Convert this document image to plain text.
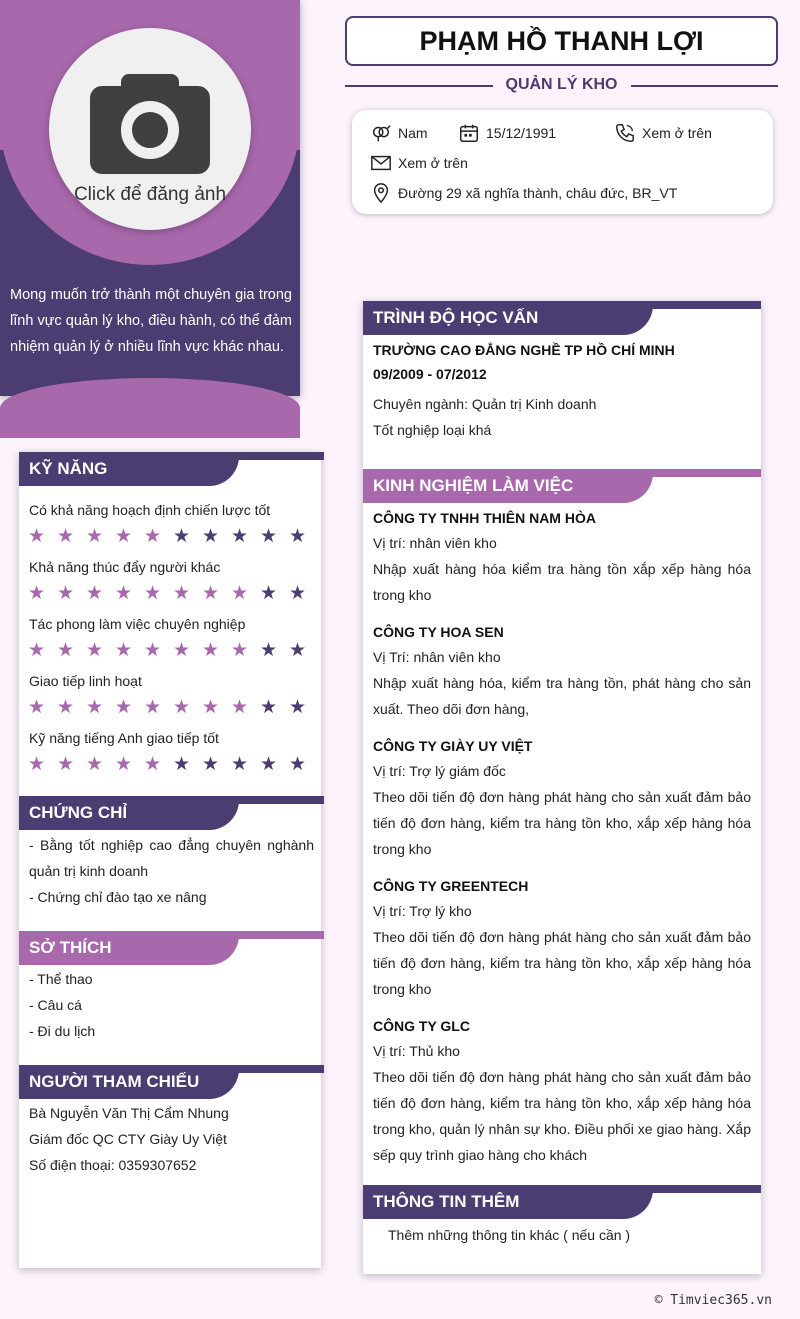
Click để đăng ảnh
Mong muốn trở thành một chuyên gia trong lĩnh vực quản lý kho, điều hành, có thể đảm nhiệm quản lý ở nhiều lĩnh vực khác nhau.
PHẠM HỒ THANH LỢI
QUẢN LÝ KHO
Nam	15/12/1991	Xem ở trên
Xem ở trên
Đường 29 xã nghĩa thành, châu đức, BR_VT
KỸ NĂNG
Có khả năng hoạch định chiến lược tốt
★ ★ ★ ★ ★ ★ ★ ★ ★ ★
Khả năng thúc đẩy người khác
★ ★ ★ ★ ★ ★ ★ ★ ★ ★
Tác phong làm việc chuyên nghiệp
★ ★ ★ ★ ★ ★ ★ ★ ★ ★
Giao tiếp linh hoạt
★ ★ ★ ★ ★ ★ ★ ★ ★ ★
Kỹ năng tiếng Anh giao tiếp tốt
★ ★ ★ ★ ★ ★ ★ ★ ★ ★
CHỨNG CHỈ
- Bằng tốt nghiệp cao đẳng chuyên nghành
quản trị kinh doanh
- Chứng chỉ đào tạo xe nâng
SỞ THÍCH
- Thể thao
- Câu cá
- Đi du lịch
NGƯỜI THAM CHIẾU
Bà Nguyễn Văn Thị Cẩm Nhung
Giám đốc QC CTY Giày Uy Việt
Số điện thoại: 0359307652
TRÌNH ĐỘ HỌC VẤN
TRƯỜNG CAO ĐẲNG NGHỀ TP HỒ CHÍ MINH
09/2009 - 07/2012
Chuyên ngành: Quản trị Kinh doanh
Tốt nghiệp loại khá
KINH NGHIỆM LÀM VIỆC
CÔNG TY TNHH THIÊN NAM HÒA
Vị trí: nhân viên kho
Nhập xuất hàng hóa kiểm tra hàng tồn xắp xếp hàng hóa
trong kho
CÔNG TY HOA SEN
Vị Trí: nhân viên kho
Nhập xuất hàng hóa, kiểm tra hàng tồn, phát hàng cho sản
xuất. Theo dõi đơn hàng,
CÔNG TY GIÀY UY VIỆT
Vị trí: Trợ lý giám đốc
Theo dõi tiến độ đơn hàng phát hàng cho sản xuất đảm bảo
tiến độ đơn hàng, kiểm tra hàng tồn kho, xắp xếp hàng hóa
trong kho
CÔNG TY GREENTECH
Vị trí: Trợ lý kho
Theo dõi tiến độ đơn hàng phát hàng cho sản xuất đảm bảo
tiến độ đơn hàng, kiểm tra hàng tồn kho, xắp xếp hàng hóa
trong kho
CÔNG TY GLC
Vị trí: Thủ kho
Theo dõi tiến độ đơn hàng phát hàng cho sản xuất đảm bảo
tiến độ đơn hàng, kiểm tra hàng tồn kho, xắp xếp hàng hóa
trong kho, quản lý nhân sự kho. Điều phối xe giao hàng. Xắp
sếp quy trình giao hàng cho khách
THÔNG TIN THÊM
Thêm những thông tin khác ( nếu cần )
© Timviec365.vn
